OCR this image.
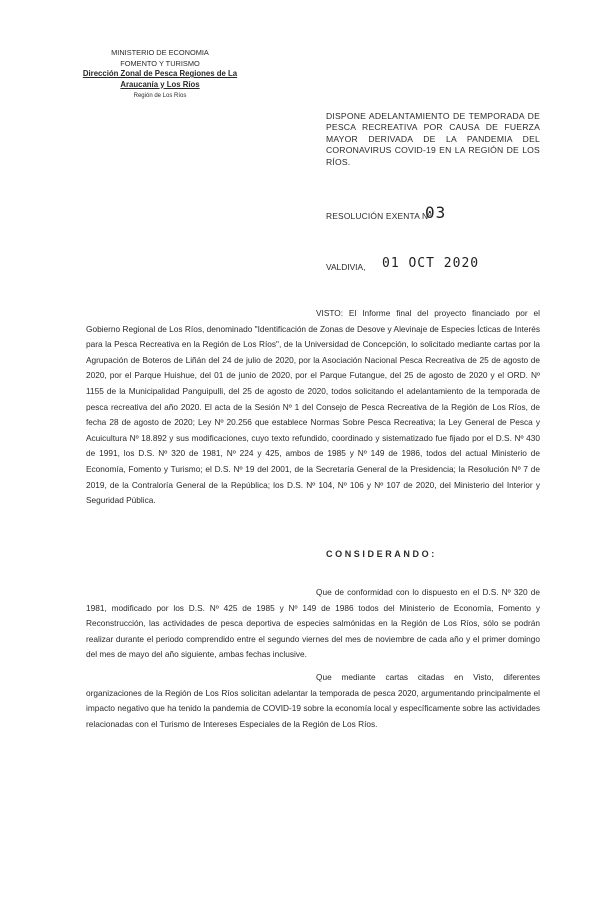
MINISTERIO DE ECONOMIA
FOMENTO Y TURISMO
Dirección Zonal de Pesca Regiones de La
Araucanía y Los Ríos
Región de Los Ríos
DISPONE ADELANTAMIENTO DE TEMPORADA DE PESCA RECREATIVA POR CAUSA DE FUERZA MAYOR DERIVADA DE LA PANDEMIA DEL CORONAVIRUS COVID-19 EN LA REGIÓN DE LOS RÍOS.
RESOLUCIÓN EXENTA Nº
03
VALDIVIA, 01 OCT 2020

VISTO: El Informe final del proyecto financiado por el Gobierno Regional de Los Ríos, denominado "Identificación de Zonas de Desove y Alevinaje de Especies Ícticas de Interés para la Pesca Recreativa en la Región de Los Ríos", de la Universidad de Concepción, lo solicitado mediante cartas por la Agrupación de Boteros de Liñán del 24 de julio de 2020, por la Asociación Nacional Pesca Recreativa de 25 de agosto de 2020, por el Parque Huishue, del 01 de junio de 2020, por el Parque Futangue, del 25 de agosto de 2020 y el ORD. Nº 1155 de la Municipalidad Panguipulli, del 25 de agosto de 2020, todos solicitando el adelantamiento de la temporada de pesca recreativa del año 2020. El acta de la Sesión Nº 1 del Consejo de Pesca Recreativa de la Región de Los Ríos, de fecha 28 de agosto de 2020; Ley Nº 20.256 que establece Normas Sobre Pesca Recreativa; la Ley General de Pesca y Acuicultura Nº 18.892 y sus modificaciones, cuyo texto refundido, coordinado y sistematizado fue fijado por el D.S. Nº 430 de 1991, los D.S. Nº 320 de 1981, Nº 224 y 425, ambos de 1985 y Nº 149 de 1986, todos del actual Ministerio de Economía, Fomento y Turismo; el D.S. Nº 19 del 2001, de la Secretaría General de la Presidencia; la Resolución Nº 7 de 2019, de la Contraloría General de la República; los D.S. Nº 104, Nº 106 y Nº 107 de 2020, del Ministerio del Interior y Seguridad Pública.

CONSIDERANDO:

Que de conformidad con lo dispuesto en el D.S. Nº 320 de 1981, modificado por los D.S. Nº 425 de 1985 y Nº 149 de 1986 todos del Ministerio de Economía, Fomento y Reconstrucción, las actividades de pesca deportiva de especies salmónidas en la Región de Los Ríos, sólo se podrán realizar durante el periodo comprendido entre el segundo viernes del mes de noviembre de cada año y el primer domingo del mes de mayo del año siguiente, ambas fechas inclusive.

Que mediante cartas citadas en Visto, diferentes organizaciones de la Región de Los Ríos solicitan adelantar la temporada de pesca 2020, argumentando principalmente el impacto negativo que ha tenido la pandemia de COVID-19 sobre la economía local y específicamente sobre las actividades relacionadas con el Turismo de Intereses Especiales de la Región de Los Ríos.
